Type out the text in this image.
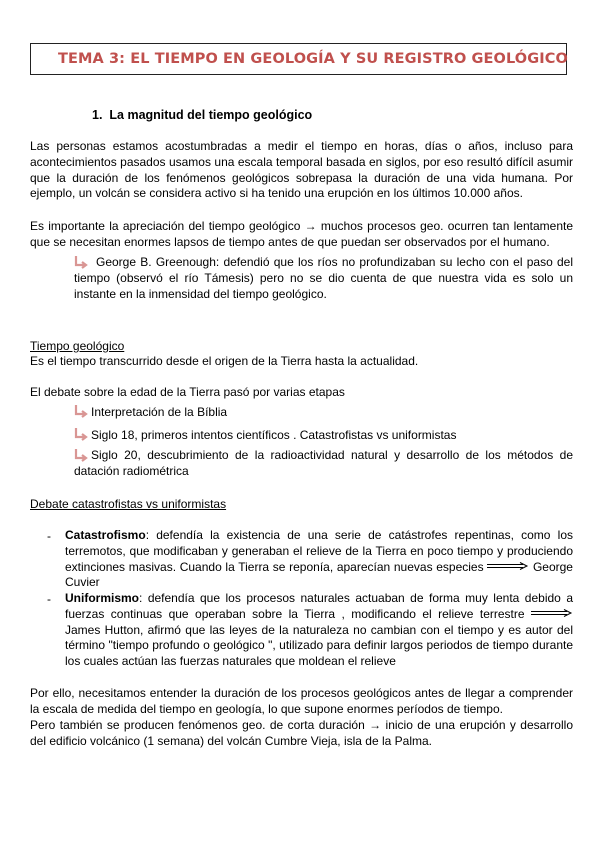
TEMA 3: EL TIEMPO EN GEOLOGÍA Y SU REGISTRO GEOLÓGICO
1. La magnitud del tiempo geológico

Las personas estamos acostumbradas a medir el tiempo en horas, días o años, incluso para acontecimientos pasados usamos una escala temporal basada en siglos, por eso resultó difícil asumir que la duración de los fenómenos geológicos sobrepasa la duración de una vida humana. Por ejemplo, un volcán se considera activo si ha tenido una erupción en los últimos 10.000 años.

Es importante la apreciación del tiempo geológico → muchos procesos geo. ocurren tan lentamente que se necesitan enormes lapsos de tiempo antes de que puedan ser observados por el humano.

George B. Greenough: defendió que los ríos no profundizaban su lecho con el paso del tiempo (observó el río Támesis) pero no se dio cuenta de que nuestra vida es solo un instante en la inmensidad del tiempo geológico.

Tiempo geológico
Es el tiempo transcurrido desde el origen de la Tierra hasta la actualidad.
El debate sobre la edad de la Tierra pasó por varias etapas
Interpretación de la Bíblia
Siglo 18, primeros intentos científicos . Catastrofistas vs uniformistas

Siglo 20, descubrimiento de la radioactividad natural y desarrollo de los métodos de datación radiométrica

Debate catastrofistas vs uniformistas
- Catastrofismo: defendía la existencia de una serie de catástrofes repentinas, como los terremotos, que modificaban y generaban el relieve de la Tierra en poco tiempo y produciendo extinciones masivas. Cuando la Tierra se reponía, aparecían nuevas especies	George Cuvier

- Uniformismo: defendía que los procesos naturales actuaban de forma muy lenta debido a fuerzas continuas que operaban sobre la Tierra , modificando el relieve terrestre  James Hutton, afirmó que las leyes de la naturaleza no cambian con el tiempo y es autor del término "tiempo profundo o geológico ", utilizado para definir largos periodos de tiempo durante los cuales actúan las fuerzas naturales que moldean el relieve

Por ello, necesitamos entender la duración de los procesos geológicos antes de llegar a comprender la escala de medida del tiempo en geología, lo que supone enormes períodos de tiempo.

Pero también se producen fenómenos geo. de corta duración → inicio de una erupción y desarrollo del edificio volcánico (1 semana) del volcán Cumbre Vieja, isla de la Palma.
